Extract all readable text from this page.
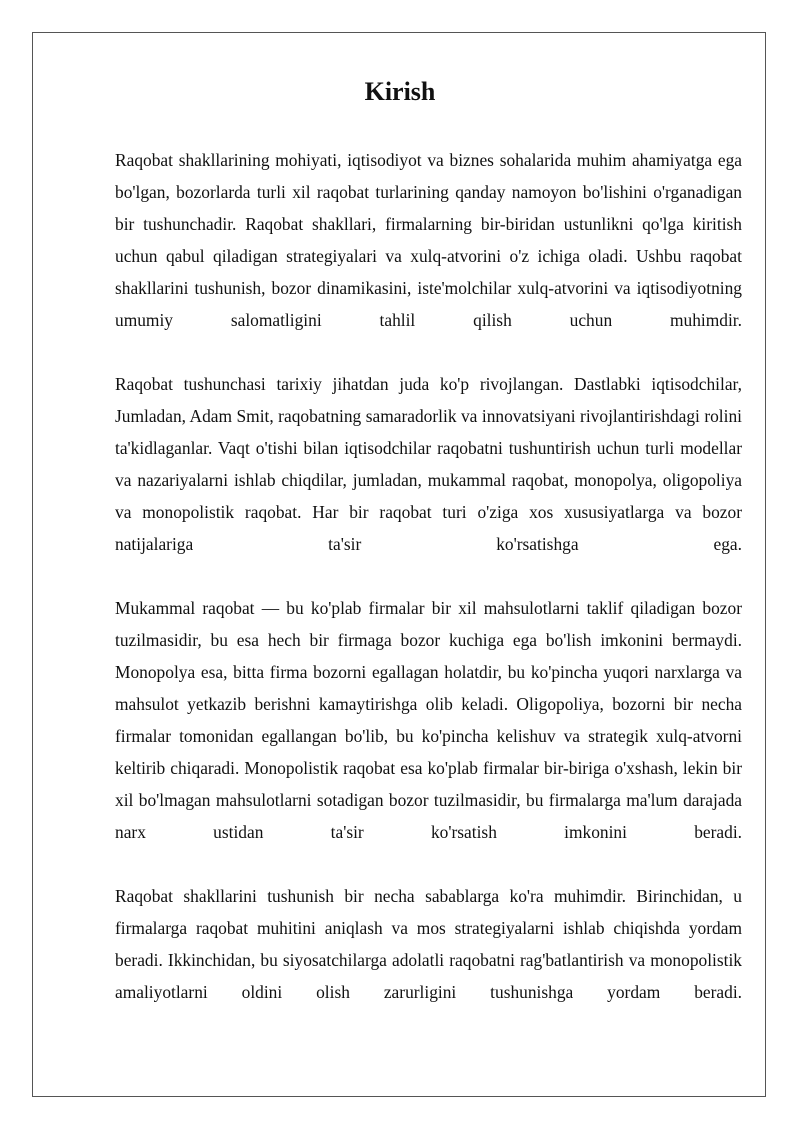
Kirish

Raqobat shakllarining mohiyati, iqtisodiyot va biznes sohalarida muhim ahamiyatga ega bo'lgan, bozorlarda turli xil raqobat turlarining qanday namoyon bo'lishini o'rganadigan bir tushunchadir. Raqobat shakllari, firmalarning bir-biridan ustunlikni qo'lga kiritish uchun qabul qiladigan strategiyalari va xulq-atvorini o'z ichiga oladi. Ushbu raqobat shakllarini tushunish, bozor dinamikasini, iste'molchilar xulq-atvorini va iqtisodiyotning umumiy salomatligini tahlil qilish uchun muhimdir.

Raqobat tushunchasi tarixiy jihatdan juda ko'p rivojlangan. Dastlabki iqtisodchilar, Jumladan, Adam Smit, raqobatning samaradorlik va innovatsiyani rivojlantirishdagi rolini ta'kidlaganlar. Vaqt o'tishi bilan iqtisodchilar raqobatni tushuntirish uchun turli modellar va nazariyalarni ishlab chiqdilar, jumladan, mukammal raqobat, monopolya, oligopoliya va monopolistik raqobat. Har bir raqobat turi o'ziga xos xususiyatlarga va bozor natijalariga ta'sir ko'rsatishga ega.

Mukammal raqobat — bu ko'plab firmalar bir xil mahsulotlarni taklif qiladigan bozor tuzilmasidir, bu esa hech bir firmaga bozor kuchiga ega bo'lish imkonini bermaydi. Monopolya esa, bitta firma bozorni egallagan holatdir, bu ko'pincha yuqori narxlarga va mahsulot yetkazib berishni kamaytirishga olib keladi. Oligopoliya, bozorni bir necha firmalar tomonidan egallangan bo'lib, bu ko'pincha kelishuv va strategik xulq-atvorni keltirib chiqaradi. Monopolistik raqobat esa ko'plab firmalar bir-biriga o'xshash, lekin bir xil bo'lmagan mahsulotlarni sotadigan bozor tuzilmasidir, bu firmalarga ma'lum darajada narx ustidan ta'sir ko'rsatish imkonini beradi.

Raqobat shakllarini tushunish bir necha sabablarga ko'ra muhimdir. Birinchidan, u firmalarga raqobat muhitini aniqlash va mos strategiyalarni ishlab chiqishda yordam beradi. Ikkinchidan, bu siyosatchilarga adolatli raqobatni rag'batlantirish va monopolistik amaliyotlarni oldini olish zarurligini tushunishga yordam beradi.
